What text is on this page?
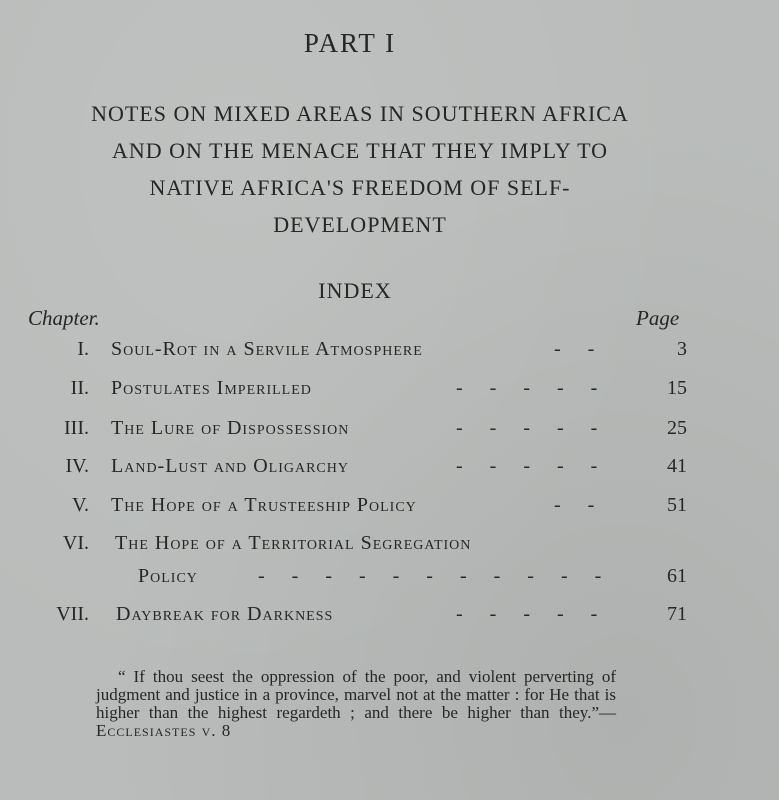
PART I
NOTES ON MIXED AREAS IN SOUTHERN AFRICA
AND ON THE MENACE THAT THEY IMPLY TO
NATIVE AFRICA'S FREEDOM OF SELF-
DEVELOPMENT
INDEX
Chapter.	Page
I. Soul-Rot in a Servile Atmosphere	- -	3
II. Postulates Imperilled	- - - - -	15
III. The Lure of Dispossession	- - - - -	25
IV. Land-Lust and Oligarchy	- - - - -	41
V. The Hope of a Trusteeship Policy	- -	51
VI. The Hope of a Territorial Segregation
Policy	- - - - - - - - - - -	61
VII. Daybreak for Darkness	- - - - -	71
“ If thou seest the oppression of the poor, and violent perverting of judgment and justice in a province, marvel not at the matter : for He that is higher than the highest regardeth ; and there be higher than they.”—Ecclesiastes v. 8
